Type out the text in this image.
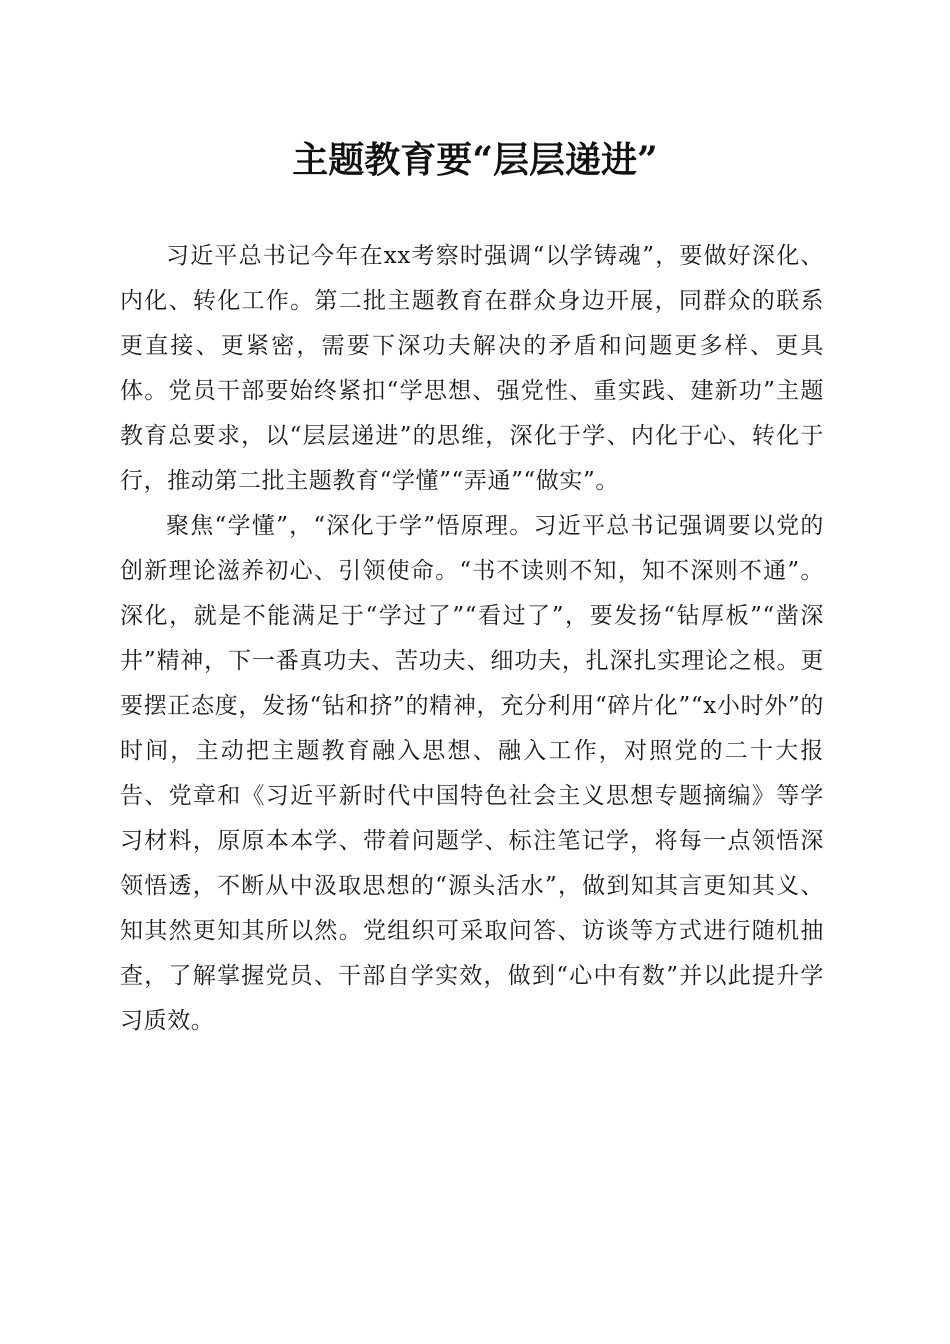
主题教育要“层层递进”

习近平总书记今年在xx考察时强调“以学铸魂”，要做好深化、内化、转化工作。第二批主题教育在群众身边开展，同群众的联系更直接、更紧密，需要下深功夫解决的矛盾和问题更多样、更具体。党员干部要始终紧扣“学思想、强党性、重实践、建新功”主题教育总要求，以“层层递进”的思维，深化于学、内化于心、转化于行，推动第二批主题教育“学懂”“弄通”“做实”。

聚焦“学懂”，“深化于学”悟原理。习近平总书记强调要以党的创新理论滋养初心、引领使命。“书不读则不知，知不深则不通”。深化，就是不能满足于“学过了”“看过了”，要发扬“钻厚板”“凿深井”精神，下一番真功夫、苦功夫、细功夫，扎深扎实理论之根。更要摆正态度，发扬“钻和挤”的精神，充分利用“碎片化”“x小时外”的时间，主动把主题教育融入思想、融入工作，对照党的二十大报告、党章和《习近平新时代中国特色社会主义思想专题摘编》等学习材料，原原本本学、带着问题学、标注笔记学，将每一点领悟深领悟透，不断从中汲取思想的“源头活水”，做到知其言更知其义、知其然更知其所以然。党组织可采取问答、访谈等方式进行随机抽查，了解掌握党员、干部自学实效，做到“心中有数”并以此提升学习质效。
